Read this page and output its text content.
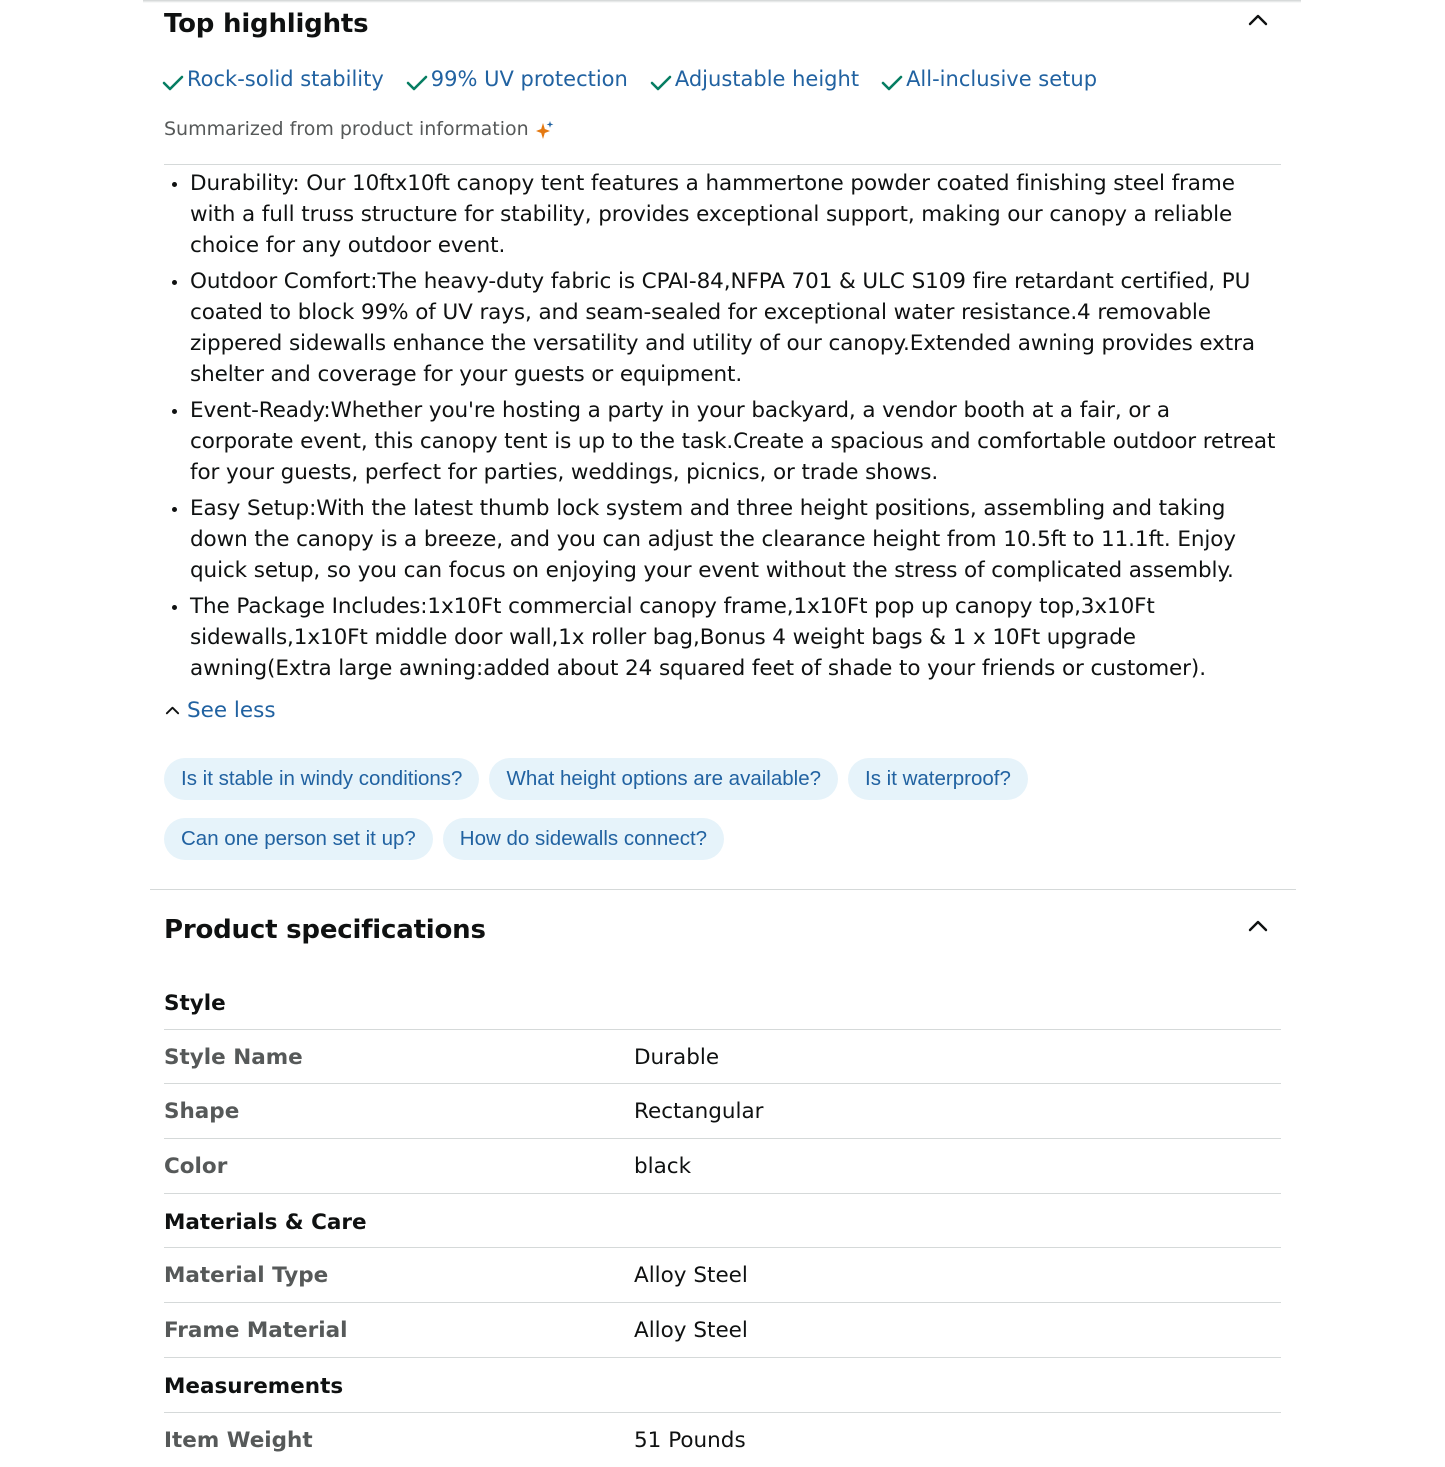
Top highlights
Rock-solid stability 99% UV protection Adjustable height All-inclusive setup
Summarized from product information
Durability: Our 10ftx10ft canopy tent features a hammertone powder coated finishing steel frame with a full truss structure for stability, provides exceptional support, making our canopy a reliable choice for any outdoor event.
Outdoor Comfort:The heavy-duty fabric is CPAI-84,NFPA 701 & ULC S109 fire retardant certified, PU coated to block 99% of UV rays, and seam-sealed for exceptional water resistance.4 removable zippered sidewalls enhance the versatility and utility of our canopy.Extended awning provides extra shelter and coverage for your guests or equipment.
Event-Ready:Whether you're hosting a party in your backyard, a vendor booth at a fair, or a corporate event, this canopy tent is up to the task.Create a spacious and comfortable outdoor retreat for your guests, perfect for parties, weddings, picnics, or trade shows.
Easy Setup:With the latest thumb lock system and three height positions, assembling and taking down the canopy is a breeze, and you can adjust the clearance height from 10.5ft to 11.1ft. Enjoy quick setup, so you can focus on enjoying your event without the stress of complicated assembly.
The Package Includes:1x10Ft commercial canopy frame,1x10Ft pop up canopy top,3x10Ft sidewalls,1x10Ft middle door wall,1x roller bag,Bonus 4 weight bags & 1 x 10Ft upgrade awning(Extra large awning:added about 24 squared feet of shade to your friends or customer).
See less
Is it stable in windy conditions?	What height options are available?	Is it waterproof?
Can one person set it up?	How do sidewalls connect?
Product specifications
Style
Style Name	Durable
Shape	Rectangular
Color	black
Materials & Care
Material Type	Alloy Steel
Frame Material	Alloy Steel
Measurements
Item Weight	51 Pounds
